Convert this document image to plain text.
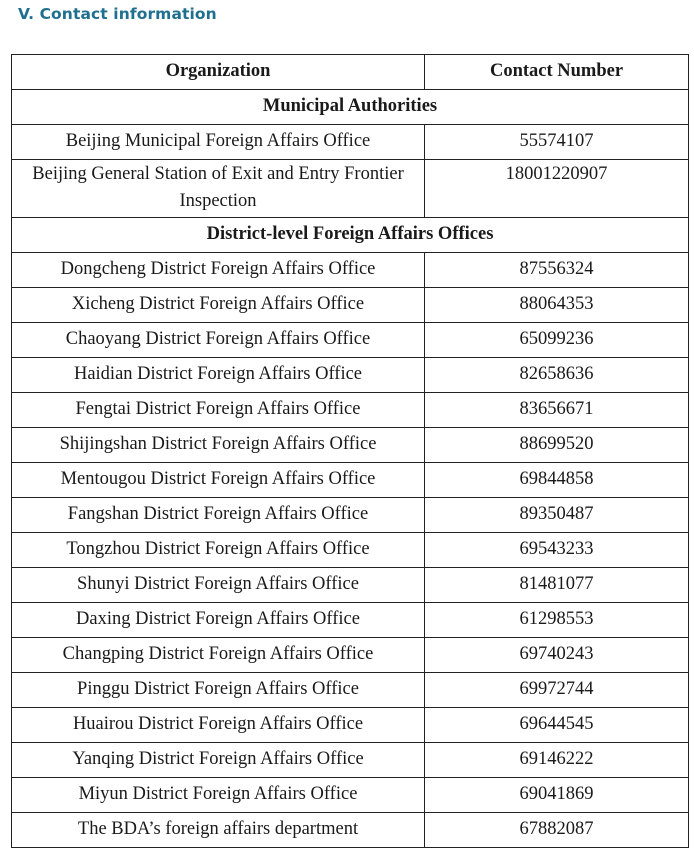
V. Contact information
Organization	Contact Number
Municipal Authorities	
Beijing Municipal Foreign Affairs Office	55574107
Beijing General Station of Exit and Entry Frontier Inspection	18001220907
District-level Foreign Affairs Offices	
Dongcheng District Foreign Affairs Office	87556324
Xicheng District Foreign Affairs Office	88064353
Chaoyang District Foreign Affairs Office	65099236
Haidian District Foreign Affairs Office	82658636
Fengtai District Foreign Affairs Office	83656671
Shijingshan District Foreign Affairs Office	88699520
Mentougou District Foreign Affairs Office	69844858
Fangshan District Foreign Affairs Office	89350487
Tongzhou District Foreign Affairs Office	69543233
Shunyi District Foreign Affairs Office	81481077
Daxing District Foreign Affairs Office	61298553
Changping District Foreign Affairs Office	69740243
Pinggu District Foreign Affairs Office	69972744
Huairou District Foreign Affairs Office	69644545
Yanqing District Foreign Affairs Office	69146222
Miyun District Foreign Affairs Office	69041869
The BDA’s foreign affairs department	67882087
